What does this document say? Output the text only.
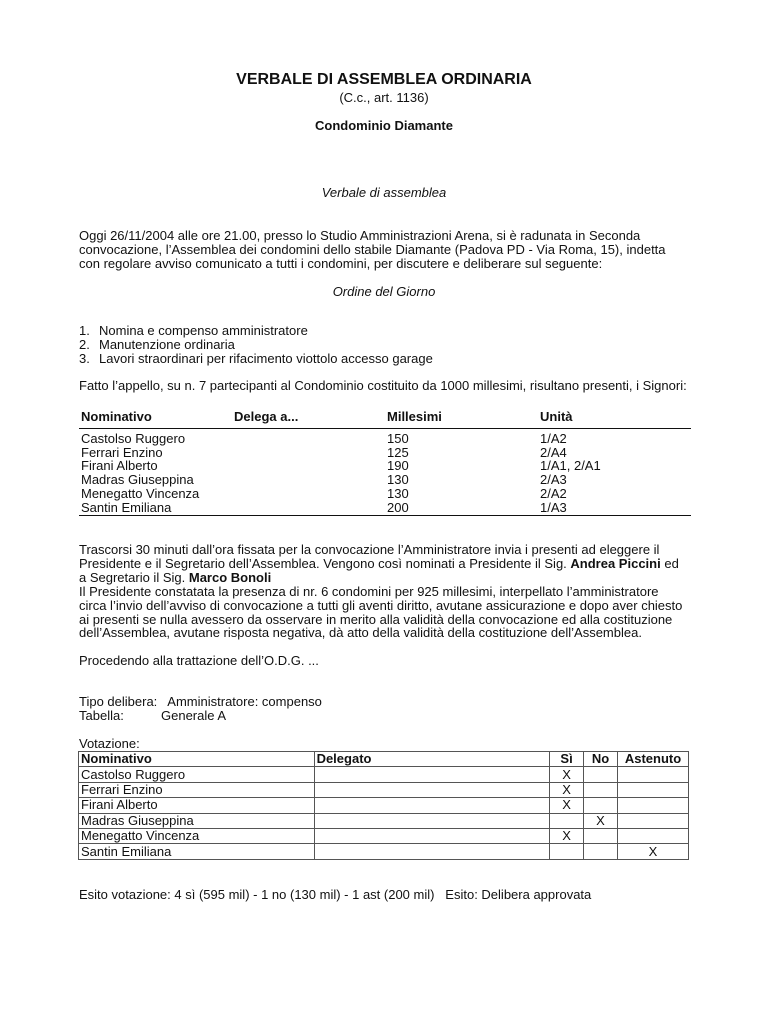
VERBALE DI ASSEMBLEA ORDINARIA
(C.c., art. 1136)
Condominio Diamante
Verbale di assemblea
Oggi 26/11/2004 alle ore 21.00, presso lo Studio Amministrazioni Arena, si è radunata in Seconda
convocazione, l’Assemblea dei condomini dello stabile Diamante (Padova PD - Via Roma, 15), indetta
con regolare avviso comunicato a tutti i condomini, per discutere e deliberare sul seguente:
Ordine del Giorno
1. Nomina e compenso amministratore
2. Manutenzione ordinaria
3. Lavori straordinari per rifacimento viottolo accesso garage
Fatto l’appello, su n. 7 partecipanti al Condominio costituito da 1000 millesimi, risultano presenti, i Signori:
Nominativo	Delega a...	Millesimi	Unità
Castolso Ruggero		150	1/A2
Ferrari Enzino		125	2/A4
Firani Alberto		190	1/A1, 2/A1
Madras Giuseppina		130	2/A3
Menegatto Vincenza		130	2/A2
Santin Emiliana		200	1/A3
Trascorsi 30 minuti dall’ora fissata per la convocazione l’Amministratore invia i presenti ad eleggere il
Presidente e il Segretario dell’Assemblea. Vengono così nominati a Presidente il Sig. Andrea Piccini ed
a Segretario il Sig. Marco Bonoli
Il Presidente constatata la presenza di nr. 6 condomini per 925 millesimi, interpellato l’amministratore
circa l’invio dell’avviso di convocazione a tutti gli aventi diritto, avutane assicurazione e dopo aver chiesto
ai presenti se nulla avessero da osservare in merito alla validità della convocazione ed alla costituzione
dell’Assemblea, avutane risposta negativa, dà atto della validità della costituzione dell’Assemblea.
Procedendo alla trattazione dell’O.D.G. ...
Tipo delibera: Amministratore: compenso
Tabella:	Generale A
Votazione:
Nominativo	Delegato	Sì	No	Astenuto
Castolso Ruggero		X		
Ferrari Enzino		X		
Firani Alberto		X		
Madras Giuseppina			X	
Menegatto Vincenza		X		
Santin Emiliana				X
Esito votazione: 4 sì (595 mil) - 1 no (130 mil) - 1 ast (200 mil)   Esito: Delibera approvata
